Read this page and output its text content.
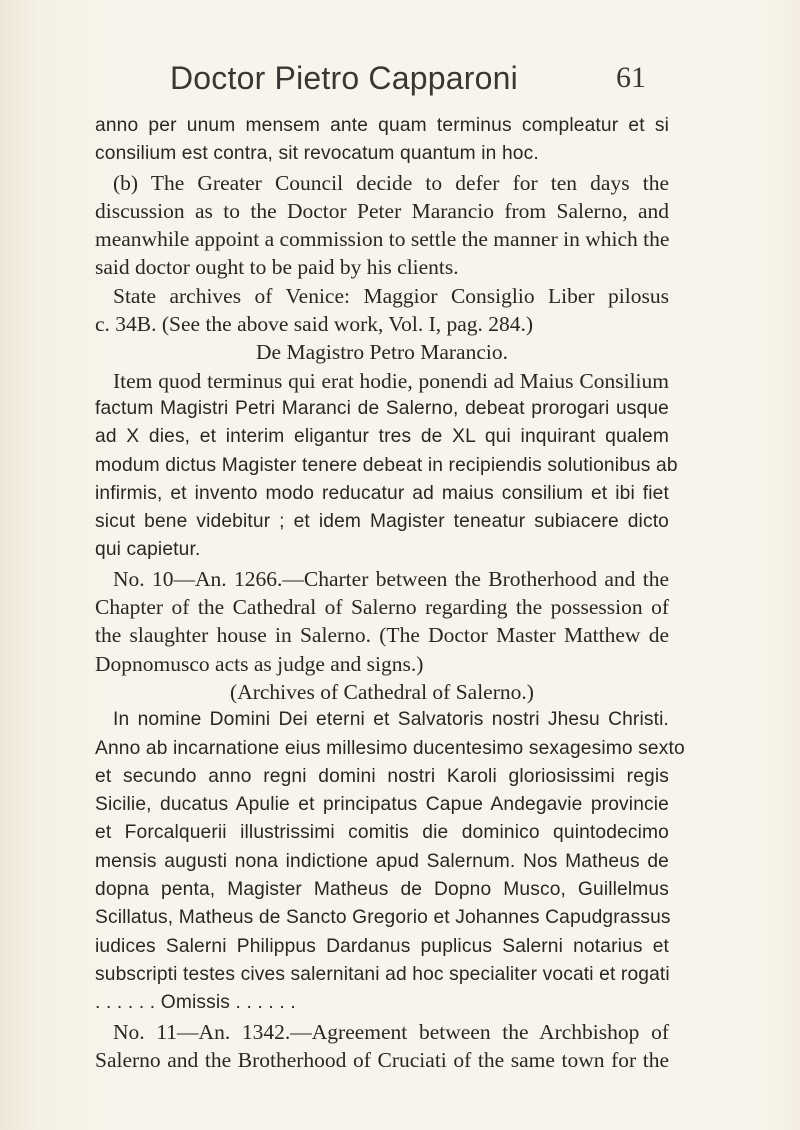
Doctor Pietro Capparoni	61
anno per unum mensem ante quam terminus compleatur et si
consilium est contra, sit revocatum quantum in hoc.
(b) The Greater Council decide to defer for ten days the
discussion as to the Doctor Peter Marancio from Salerno, and
meanwhile appoint a commission to settle the manner in which the
said doctor ought to be paid by his clients.
State archives of Venice: Maggior Consiglio Liber pilosus
c. 34B. (See the above said work, Vol. I, pag. 284.)
De Magistro Petro Marancio.
Item quod terminus qui erat hodie, ponendi ad Maius Consilium
factum Magistri Petri Maranci de Salerno, debeat prorogari usque
ad X dies, et interim eligantur tres de XL qui inquirant qualem
modum dictus Magister tenere debeat in recipiendis solutionibus ab
infirmis, et invento modo reducatur ad maius consilium et ibi fiet
sicut bene videbitur ; et idem Magister teneatur subiacere dicto
qui capietur.
No. 10—An. 1266.—Charter between the Brotherhood and the
Chapter of the Cathedral of Salerno regarding the possession of
the slaughter house in Salerno. (The Doctor Master Matthew de
Dopnomusco acts as judge and signs.)
(Archives of Cathedral of Salerno.)
In nomine Domini Dei eterni et Salvatoris nostri Jhesu Christi.
Anno ab incarnatione eius millesimo ducentesimo sexagesimo sexto
et secundo anno regni domini nostri Karoli gloriosissimi regis
Sicilie, ducatus Apulie et principatus Capue Andegavie provincie
et Forcalquerii illustrissimi comitis die dominico quintodecimo
mensis augusti nona indictione apud Salernum. Nos Matheus de
dopna penta, Magister Matheus de Dopno Musco, Guillelmus
Scillatus, Matheus de Sancto Gregorio et Johannes Capudgrassus
iudices Salerni Philippus Dardanus puplicus Salerni notarius et
subscripti testes cives salernitani ad hoc specialiter vocati et rogati
. . . . . . Omissis . . . . . .
No. 11—An. 1342.—Agreement between the Archbishop of
Salerno and the Brotherhood of Cruciati of the same town for the
